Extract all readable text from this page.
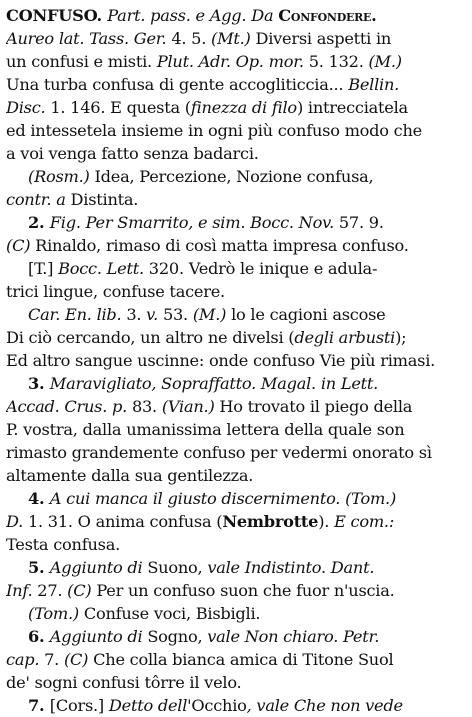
CONFUSO. Part. pass. e Agg. Da Confondere.
Aureo lat. Tass. Ger. 4. 5. (Mt.) Diversi aspetti in
un confusi e misti. Plut. Adr. Op. mor. 5. 132. (M.)
Una turba confusa di gente accogliticcia... Bellin.
Disc. 1. 146. E questa (finezza di filo) intrecciatela
ed intessetela insieme in ogni più confuso modo che
a voi venga fatto senza badarci.
(Rosm.) Idea, Percezione, Nozione confusa,
contr. a Distinta.
2. Fig. Per Smarrito, e sim. Bocc. Nov. 57. 9.
(C) Rinaldo, rimaso di così matta impresa confuso.
[T.] Bocc. Lett. 320. Vedrò le inique e adula-
trici lingue, confuse tacere.
Car. En. lib. 3. v. 53. (M.) lo le cagioni ascose
Di ciò cercando, un altro ne divelsi (degli arbusti);
Ed altro sangue uscinne: onde confuso Vie più rimasi.
3. Maravigliato, Sopraffatto. Magal. in Lett.
Accad. Crus. p. 83. (Vian.) Ho trovato il piego della
P. vostra, dalla umanissima lettera della quale son
rimasto grandemente confuso per vedermi onorato sì
altamente dalla sua gentilezza.
4. A cui manca il giusto discernimento. (Tom.)
D. 1. 31. O anima confusa (Nembrotte). E com.:
Testa confusa.
5. Aggiunto di Suono, vale Indistinto. Dant.
Inf. 27. (C) Per un confuso suon che fuor n'uscia.
(Tom.) Confuse voci, Bisbigli.
6. Aggiunto di Sogno, vale Non chiaro. Petr.
cap. 7. (C) Che colla bianca amica di Titone Suol
de' sogni confusi tôrre il velo.
7. [Cors.] Detto dell'Occhio, vale Che non vede
